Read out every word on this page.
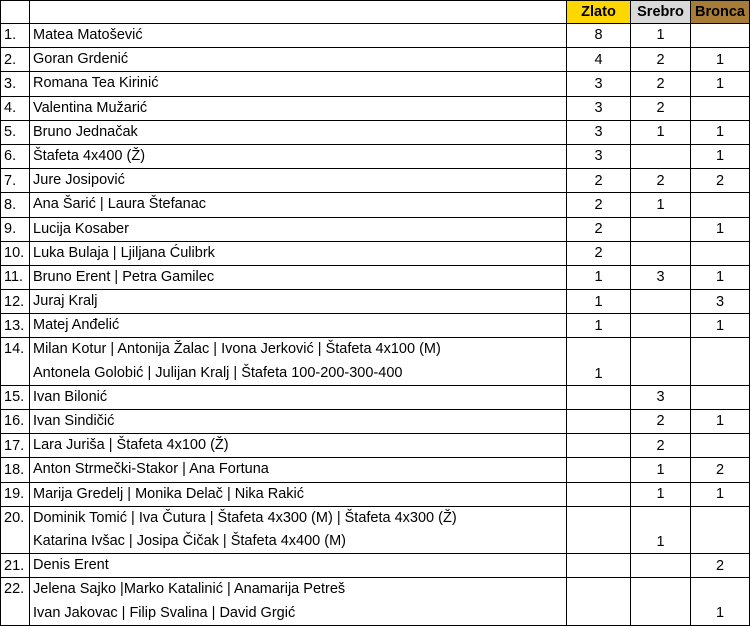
		Zlato	Srebro	Bronca
1.	Matea Matošević	8	1	
2.	Goran Grdenić	4	2	1
3.	Romana Tea Kirinić	3	2	1
4.	Valentina Mužarić	3	2	
5.	Bruno Jednačak	3	1	1
6.	Štafeta 4x400 (Ž)	3		1
7.	Jure Josipović	2	2	2
8.	Ana Šarić | Laura Štefanac	2	1	
9.	Lucija Kosaber	2		1
10.	Luka Bulaja | Ljiljana Ćulibrk	2		
11.	Bruno Erent | Petra Gamilec	1	3	1
12.	Juraj Kralj	1		3
13.	Matej Anđelić	1		1
14.	Milan Kotur | Antonija Žalac | Ivona Jerković | Štafeta 4x100 (M)
Antonela Golobić | Julijan Kralj | Štafeta 100-200-300-400	1		
15.	Ivan Bilonić		3	
16.	Ivan Sindičić		2	1
17.	Lara Juriša | Štafeta 4x100 (Ž)		2	
18.	Anton Strmečki-Stakor | Ana Fortuna		1	2
19.	Marija Gredelj | Monika Delač | Nika Rakić		1	1
20.	Dominik Tomić | Iva Čutura | Štafeta 4x300 (M) | Štafeta 4x300 (Ž)
Katarina Ivšac | Josipa Čičak | Štafeta 4x400 (M)		1	
21.	Denis Erent			2
22.	Jelena Sajko |Marko Katalinić | Anamarija Petreš
Ivan Jakovac | Filip Svalina | David Grgić			1
